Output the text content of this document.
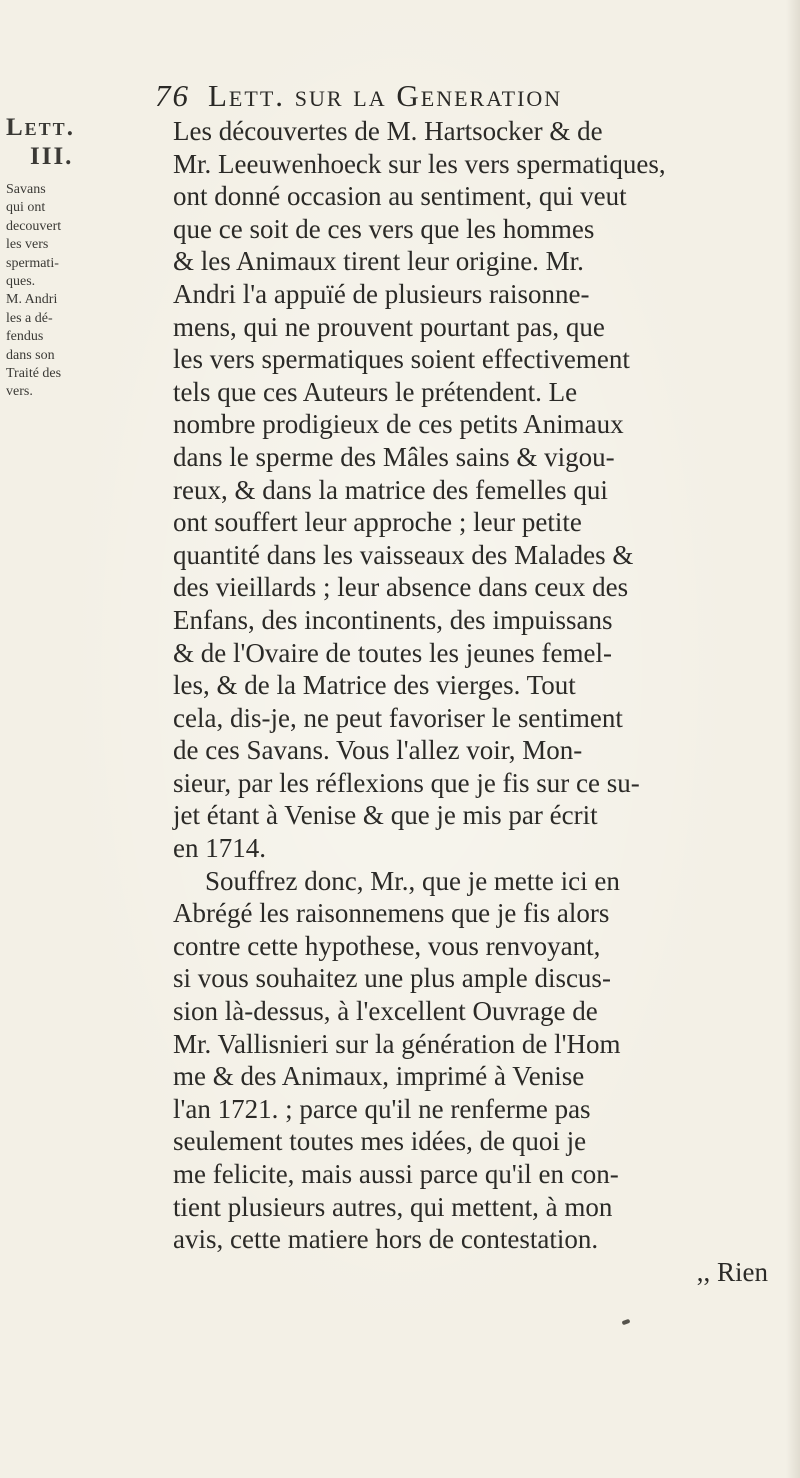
76 Lett. sur la Generation
Lett.
III.
Savans
qui ont
decouvert
les vers
spermati-
ques.
M. Andri
les a dé-
fendus
dans son
Traité des
vers.
Les découvertes de M. Hartsocker & de
Mr. Leeuwenhoeck sur les vers spermatiques,
ont donné occasion au sentiment, qui veut
que ce soit de ces vers que les hommes
& les Animaux tirent leur origine. Mr.
Andri l'a appuïé de plusieurs raisonne-
mens, qui ne prouvent pourtant pas, que
les vers spermatiques soient effectivement
tels que ces Auteurs le prétendent. Le
nombre prodigieux de ces petits Animaux
dans le sperme des Mâles sains & vigou-
reux, & dans la matrice des femelles qui
ont souffert leur approche ; leur petite
quantité dans les vaisseaux des Malades &
des vieillards ; leur absence dans ceux des
Enfans, des incontinents, des impuissans
& de l'Ovaire de toutes les jeunes femel-
les, & de la Matrice des vierges. Tout
cela, dis-je, ne peut favoriser le sentiment
de ces Savans. Vous l'allez voir, Mon-
sieur, par les réflexions que je fis sur ce su-
jet étant à Venise & que je mis par écrit
en 1714.
Souffrez donc, Mr., que je mette ici en
Abrégé les raisonnemens que je fis alors
contre cette hypothese, vous renvoyant,
si vous souhaitez une plus ample discus-
sion là-dessus, à l'excellent Ouvrage de
Mr. Vallisnieri sur la génération de l'Hom
me & des Animaux, imprimé à Venise
l'an 1721. ; parce qu'il ne renferme pas
seulement toutes mes idées, de quoi je
me felicite, mais aussi parce qu'il en con-
tient plusieurs autres, qui mettent, à mon
avis, cette matiere hors de contestation.
,, Rien
